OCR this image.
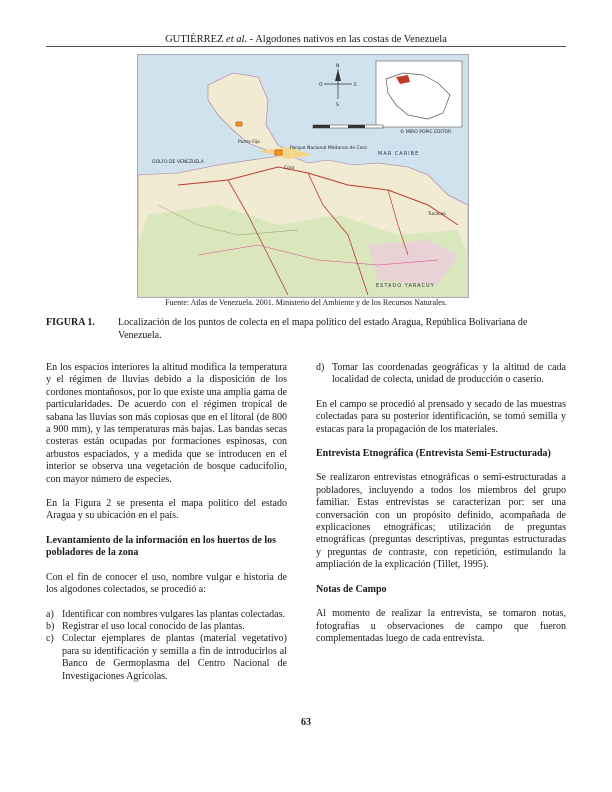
GUTIÉRREZ et al. - Algodones nativos en las costas de Venezuela
N
O
S
E
© MIRO POPIC EDITOR
MAR CARIBE
GOLFO DE VENEZUELA
Punto Fijo
Parque Nacional Médanos de Coro
Coro
Tucacas
ESTADO YARACUY
Fuente: Atlas de Venezuela. 2001. Ministerio del Ambiente y de los Recursos Naturales.
FIGURA 1. Localización de los puntos de colecta en el mapa político del estado Aragua, República Bolivariana de Venezuela.

En los espacios interiores la altitud modifica la temperatura y el régimen de lluvias debido a la disposición de los cordones montañosos, por lo que existe una amplia gama de particularidades. De acuerdo con el régimen tropical de sabana las lluvias son más copiosas que en el litoral (de 800 a 900 mm), y las temperaturas más bajas. Las bandas secas costeras están ocupadas por formaciones espinosas, con arbustos espaciados, y a medida que se introducen en el interior se observa una vegetación de bosque caducifolio, con mayor número de especies.

En la Figura 2 se presenta el mapa político del estado Aragua y su ubicación en el país.

Levantamiento de la información en los huertos de los pobladores de la zona

Con el fin de conocer el uso, nombre vulgar e historia de los algodones colectados, se procedió a:

a) Identificar con nombres vulgares las plantas colectadas.
b) Registrar el uso local conocido de las plantas.
c) Colectar ejemplares de plantas (material vegetativo) para su identificación y semilla a fin de introducirlos al Banco de Germoplasma del Centro Nacional de Investigaciones Agrícolas.
d) Tomar las coordenadas geográficas y la altitud de cada localidad de colecta, unidad de producción o caserío.

En el campo se procedió al prensado y secado de las muestras colectadas para su posterior identificación, se tomó semilla y estacas para la propagación de los materiales.

Entrevista Etnográfica (Entrevista Semi-Estructurada)

Se realizaron entrevistas etnográficas o semi-estructuradas a pobladores, incluyendo a todos los miembros del grupo familiar. Estas entrevistas se caracterizan por: ser una conversación con un propósito definido, acompañada de explicaciones etnográficas; utilización de preguntas etnográficas (preguntas descriptivas, preguntas estructuradas y preguntas de contraste, con repetición, estimulando la ampliación de la explicación (Tillet, 1995).

Notas de Campo

Al momento de realizar la entrevista, se tomaron notas, fotografías u observaciones de campo que fueron complementadas luego de cada entrevista.

63
